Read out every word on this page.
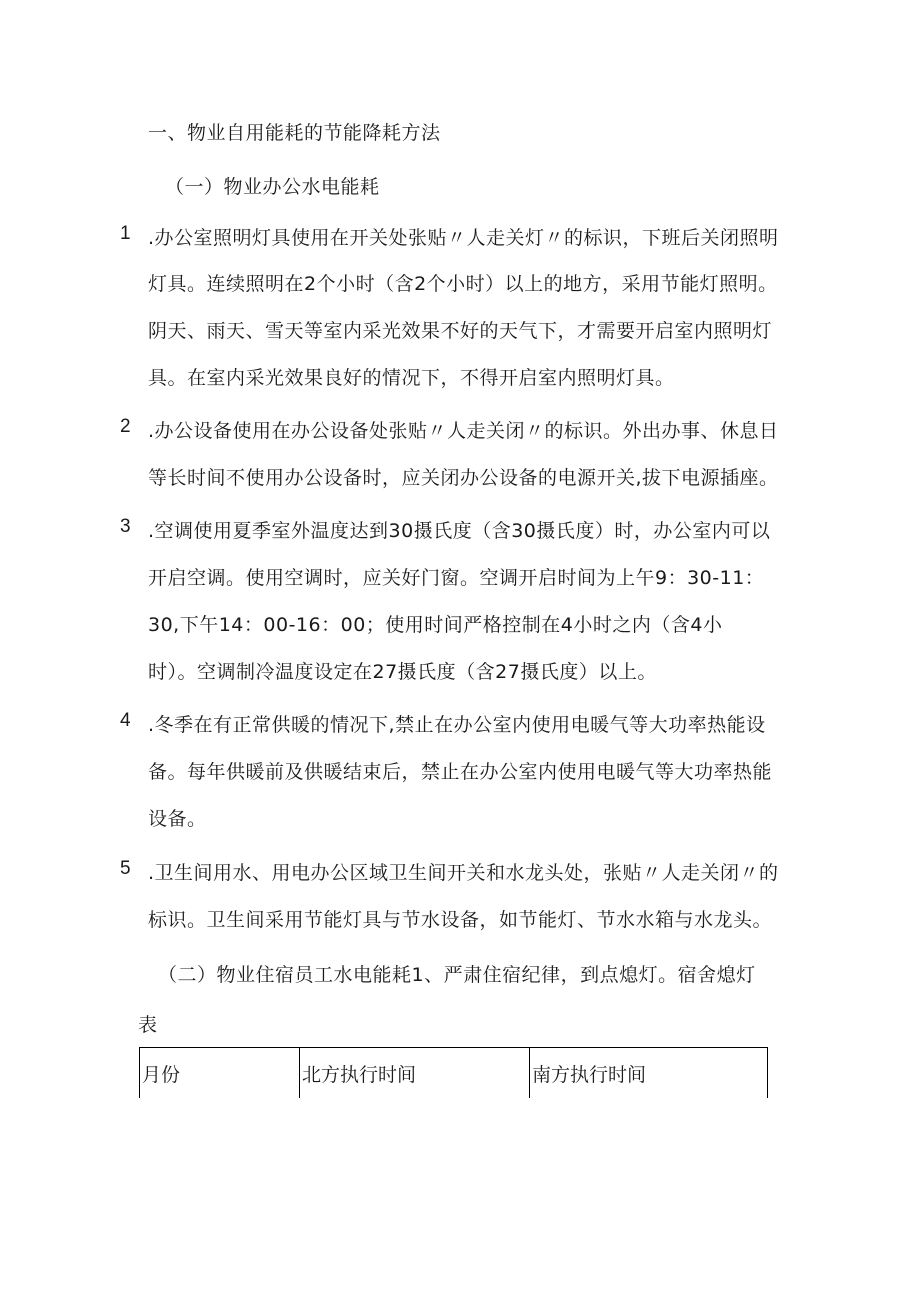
一、物业自用能耗的节能降耗方法
（一）物业办公水电能耗
1 .办公室照明灯具使用在开关处张贴〃人走关灯〃的标识，下班后关闭照明
灯具。连续照明在2个小时（含2个小时）以上的地方，采用节能灯照明。
阴天、雨天、雪天等室内采光效果不好的天气下，才需要开启室内照明灯
具。在室内采光效果良好的情况下，不得开启室内照明灯具。
2 .办公设备使用在办公设备处张贴〃人走关闭〃的标识。外出办事、休息日
等长时间不使用办公设备时，应关闭办公设备的电源开关,拔下电源插座。
3 .空调使用夏季室外温度达到30摄氏度（含30摄氏度）时，办公室内可以
开启空调。使用空调时，应关好门窗。空调开启时间为上午9：30-11：
30,下午14：00-16：00；使用时间严格控制在4小时之内（含4小
时）。空调制冷温度设定在27摄氏度（含27摄氏度）以上。
4 .冬季在有正常供暖的情况下,禁止在办公室内使用电暖气等大功率热能设
备。每年供暖前及供暖结束后，禁止在办公室内使用电暖气等大功率热能
设备。
5 .卫生间用水、用电办公区域卫生间开关和水龙头处，张贴〃人走关闭〃的
标识。卫生间采用节能灯具与节水设备，如节能灯、节水水箱与水龙头。
（二）物业住宿员工水电能耗1、严肃住宿纪律，到点熄灯。宿舍熄灯
表
月份	北方执行时间	南方执行时间
